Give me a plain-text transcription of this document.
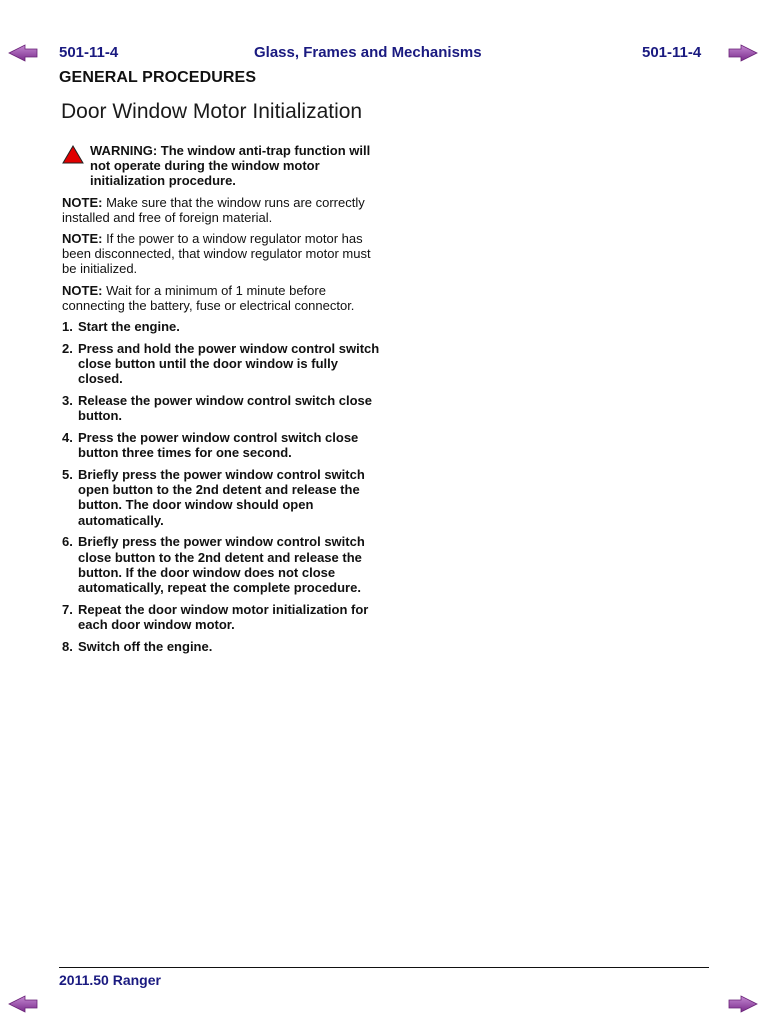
501-11-4	Glass, Frames and Mechanisms	501-11-4
GENERAL PROCEDURES
Door Window Motor Initialization
WARNING: The window anti-trap function will not operate during the window motor initialization procedure.

NOTE: Make sure that the window runs are correctly installed and free of foreign material.

NOTE: If the power to a window regulator motor has been disconnected, that window regulator motor must be initialized.

NOTE: Wait for a minimum of 1 minute before connecting the battery, fuse or electrical connector.

1. Start the engine.
2. Press and hold the power window control switch close button until the door window is fully closed.
3. Release the power window control switch close button.
4. Press the power window control switch close button three times for one second.
5. Briefly press the power window control switch open button to the 2nd detent and release the button. The door window should open automatically.
6. Briefly press the power window control switch close button to the 2nd detent and release the button. If the door window does not close automatically, repeat the complete procedure.
7. Repeat the door window motor initialization for each door window motor.
8. Switch off the engine.
2011.50 Ranger
